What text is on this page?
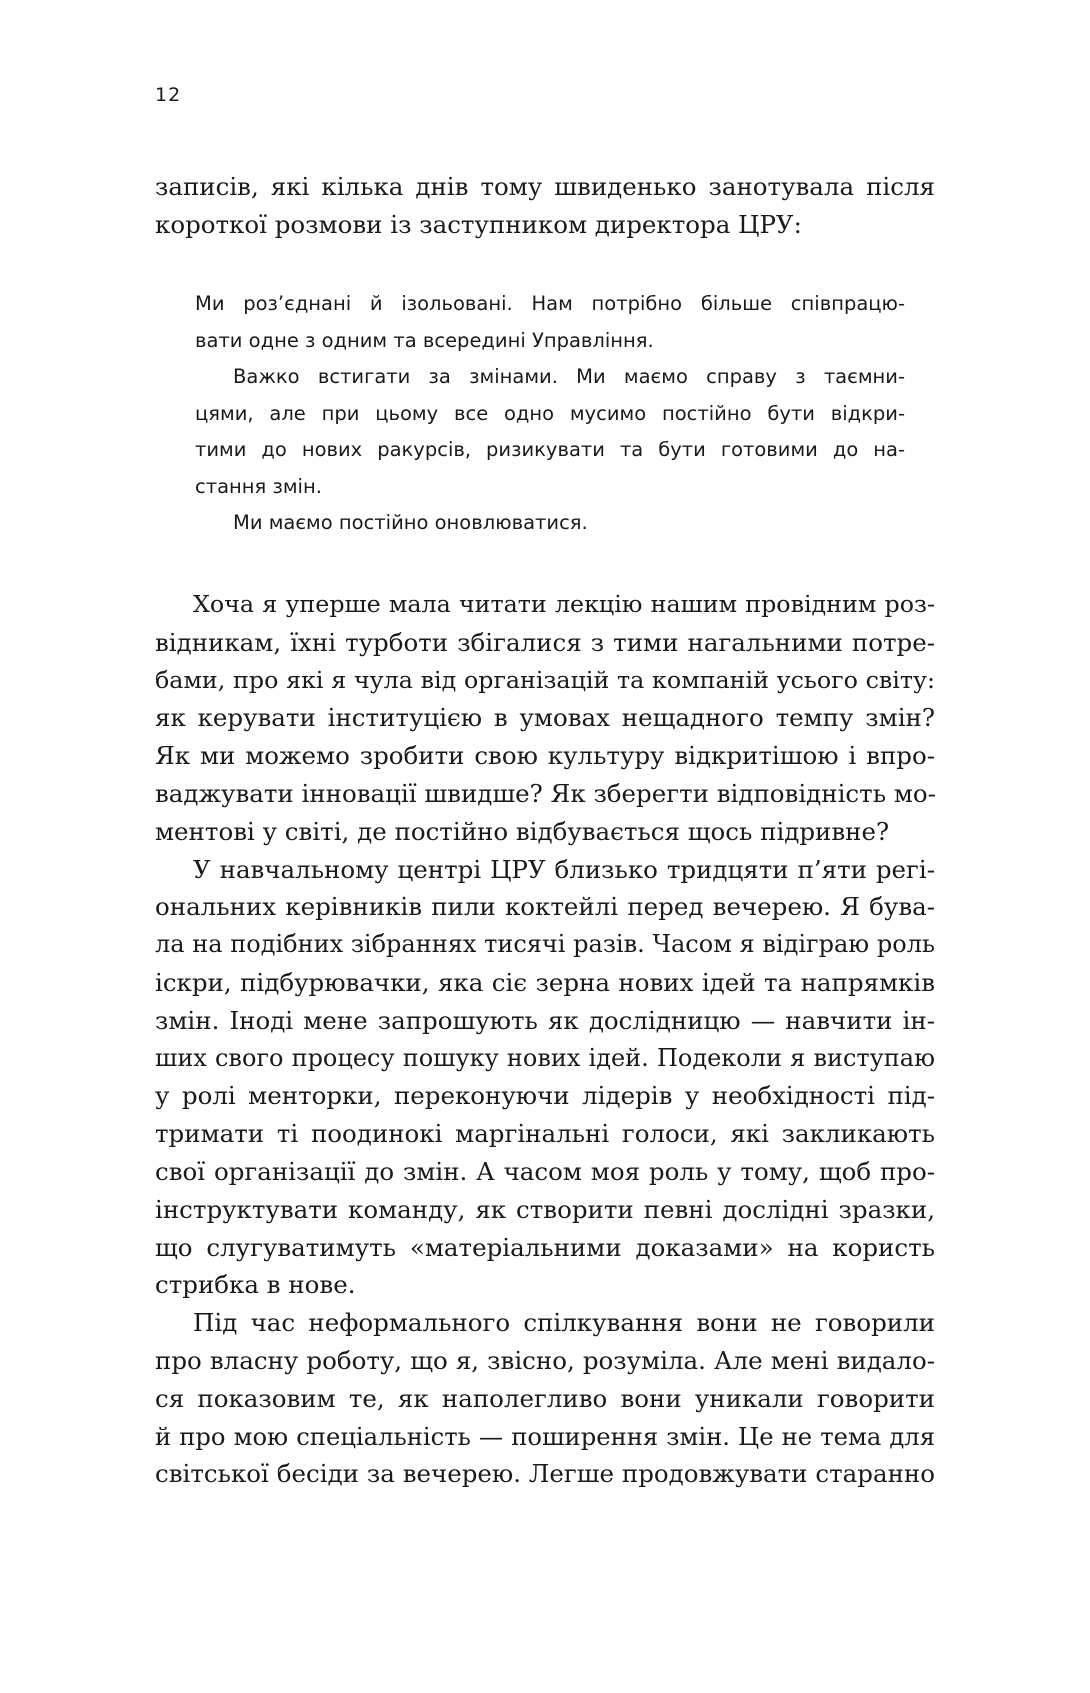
12

записів, які кілька днів тому швиденько занотувала після
короткої розмови із заступником директора ЦРУ:

Ми роз’єднані й ізольовані. Нам потрібно більше співпрацю-
вати одне з одним та всередині Управління.
Важко встигати за змінами. Ми маємо справу з таємни-
цями, але при цьому все одно мусимо постійно бути відкри-
тими до нових ракурсів, ризикувати та бути готовими до на-
стання змін.
Ми маємо постійно оновлюватися.

Хоча я уперше мала читати лекцію нашим провідним роз-
відникам, їхні турботи збігалися з тими нагальними потре-
бами, про які я чула від організацій та компаній усього світу:
як керувати інституцією в умовах нещадного темпу змін?
Як ми можемо зробити свою культуру відкритішою і впро-
ваджувати інновації швидше? Як зберегти відповідність мо-
ментові у світі, де постійно відбувається щось підривне?

У навчальному центрі ЦРУ близько тридцяти п’яти регі-
ональних керівників пили коктейлі перед вечерею. Я бува-
ла на подібних зібраннях тисячі разів. Часом я відіграю роль
іскри, підбурювачки, яка сіє зерна нових ідей та напрямків
змін. Іноді мене запрошують як дослідницю — навчити ін-
ших свого процесу пошуку нових ідей. Подеколи я виступаю
у ролі менторки, переконуючи лідерів у необхідності під-
тримати ті поодинокі маргінальні голоси, які закликають
свої організації до змін. А часом моя роль у тому, щоб про-
інструктувати команду, як створити певні дослідні зразки,
що слугуватимуть «матеріальними доказами» на користь
стрибка в нове.

Під час неформального спілкування вони не говорили
про власну роботу, що я, звісно, розуміла. Але мені видало-
ся показовим те, як наполегливо вони уникали говорити
й про мою спеціальність — поширення змін. Це не тема для
світської бесіди за вечерею. Легше продовжувати старанно
